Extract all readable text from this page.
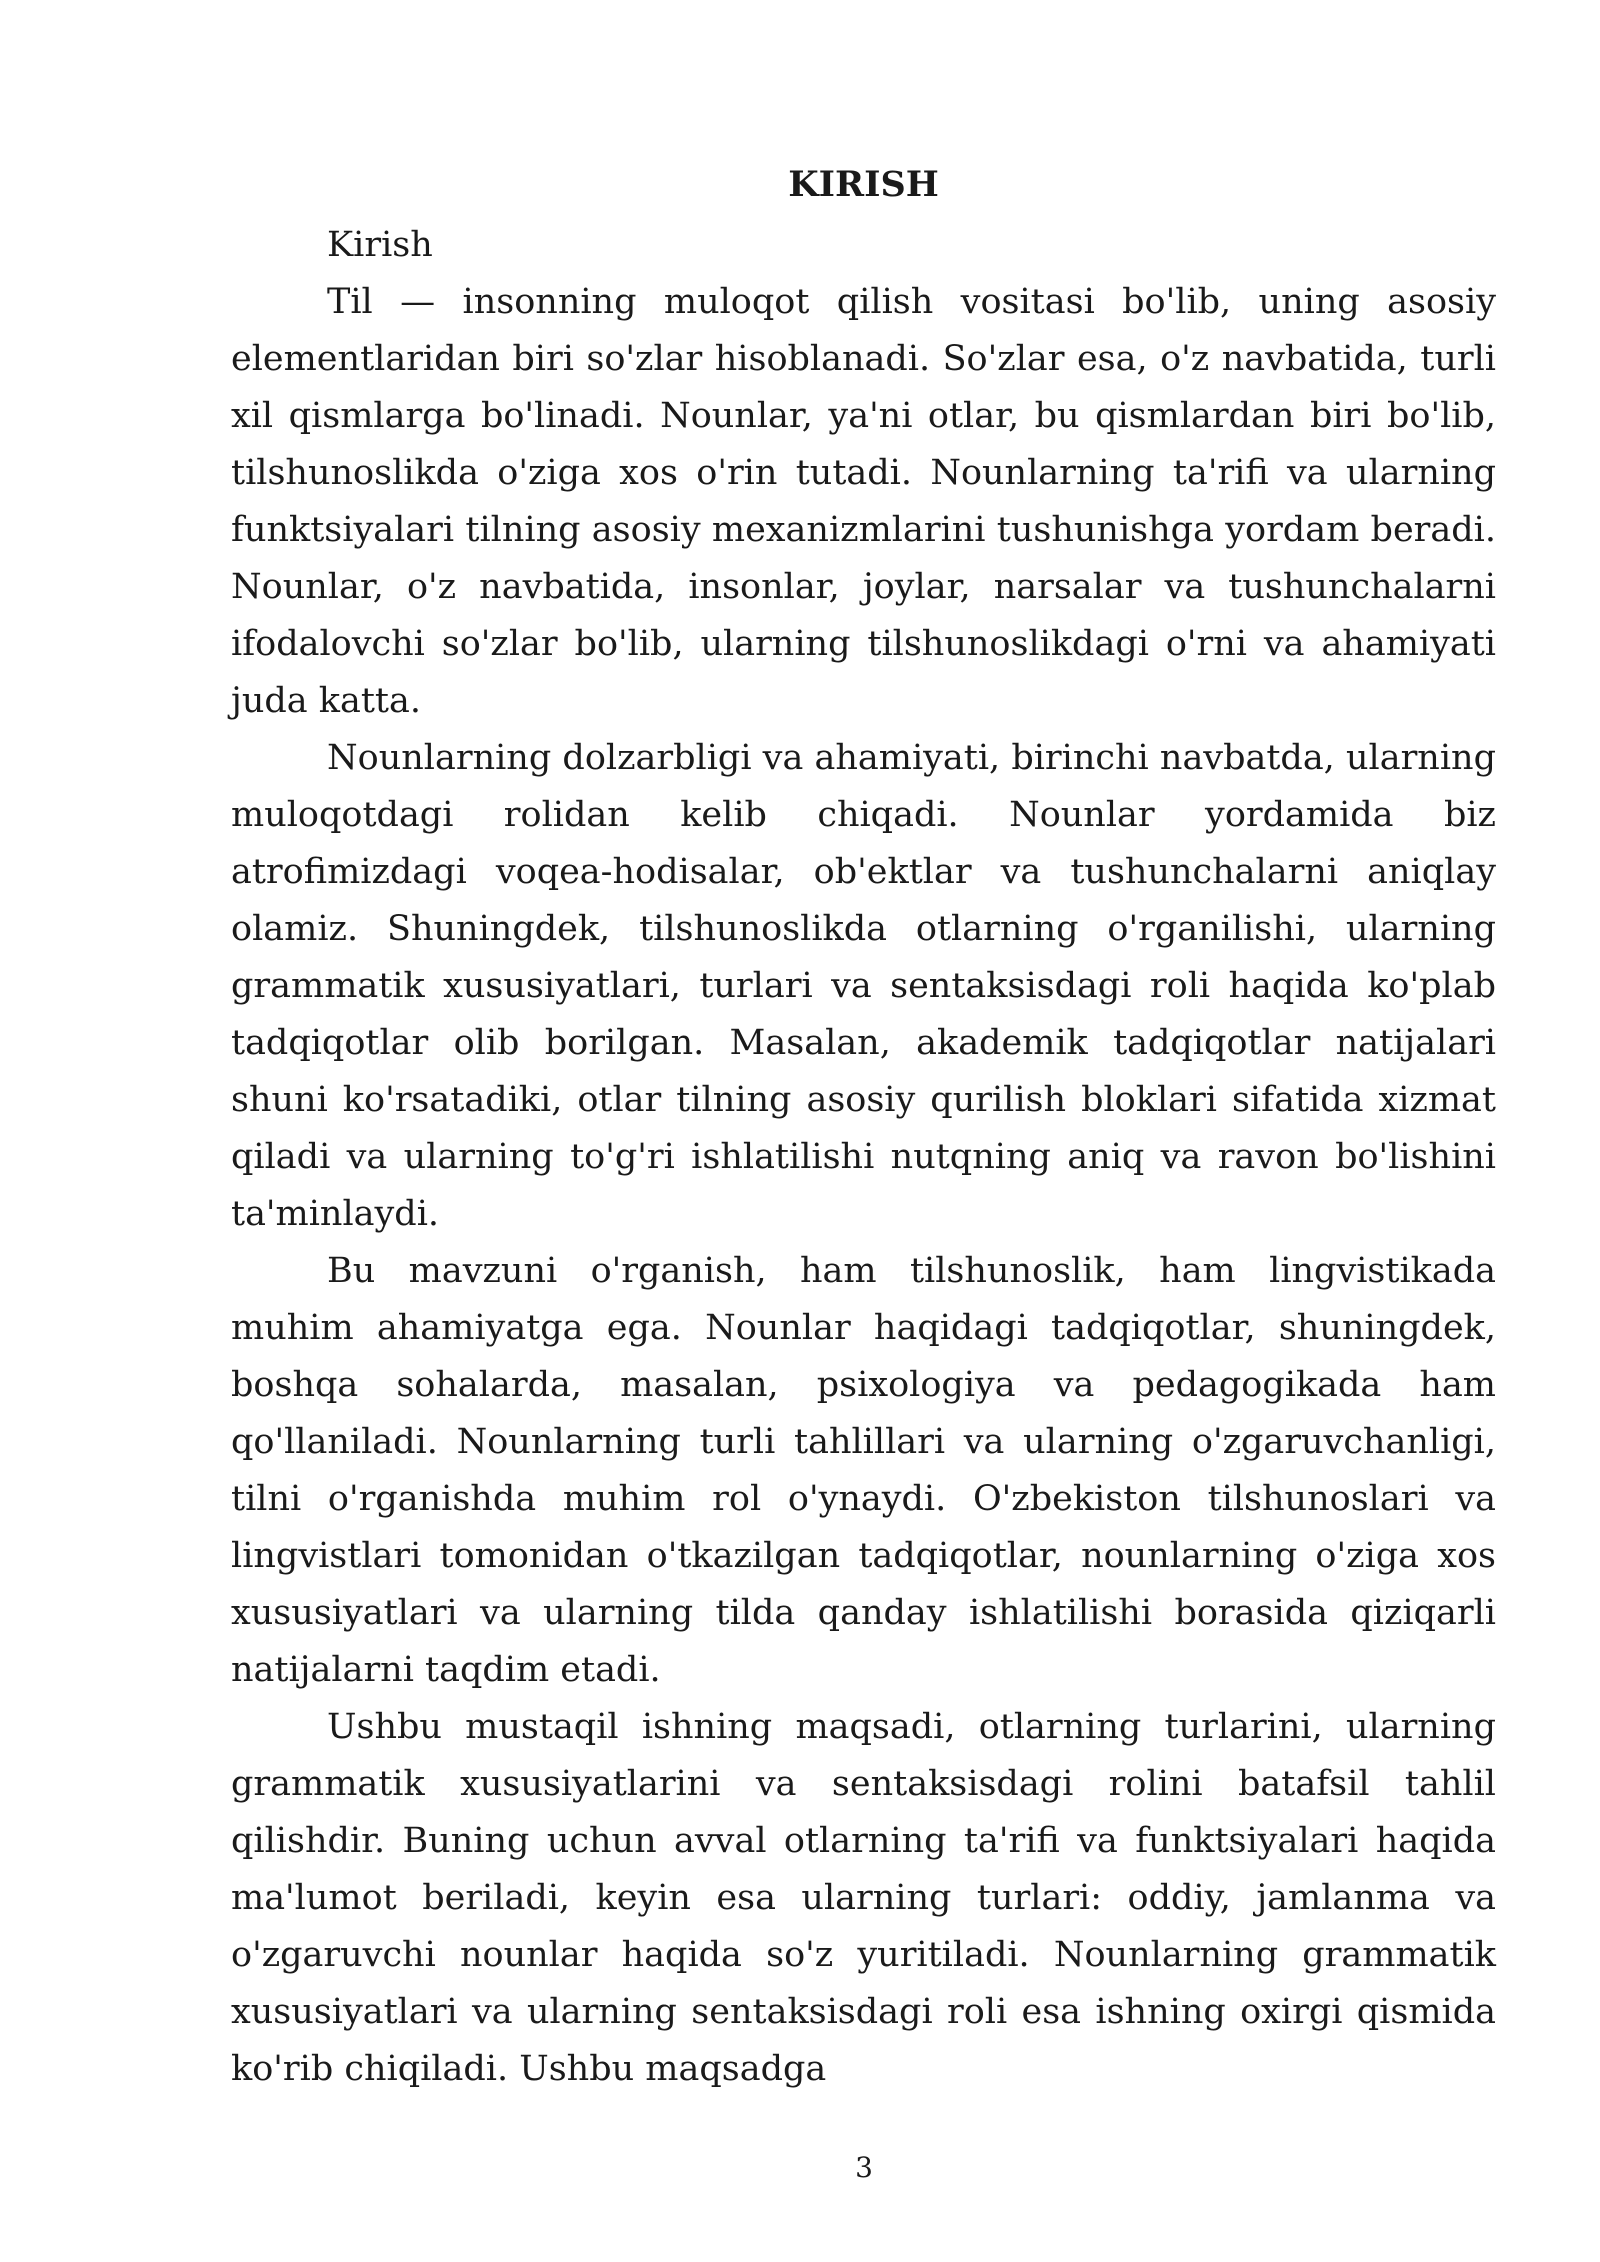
KIRISH

Kirish

Til — insonning muloqot qilish vositasi bo'lib, uning asosiy elementlaridan biri so'zlar hisoblanadi. So'zlar esa, o'z navbatida, turli xil qismlarga bo'linadi. Nounlar, ya'ni otlar, bu qismlardan biri bo'lib, tilshunoslikda o'ziga xos o'rin tutadi. Nounlarning ta'rifi va ularning funktsiyalari tilning asosiy mexanizmlarini tushunishga yordam beradi. Nounlar, o'z navbatida, insonlar, joylar, narsalar va tushunchalarni ifodalovchi so'zlar bo'lib, ularning tilshunoslikdagi o'rni va ahamiyati juda katta.

Nounlarning dolzarbligi va ahamiyati, birinchi navbatda, ularning muloqotdagi rolidan kelib chiqadi. Nounlar yordamida biz atrofimizdagi voqea-hodisalar, ob'ektlar va tushunchalarni aniqlay olamiz. Shuningdek, tilshunoslikda otlarning o'rganilishi, ularning grammatik xususiyatlari, turlari va sentaksisdagi roli haqida ko'plab tadqiqotlar olib borilgan. Masalan, akademik tadqiqotlar natijalari shuni ko'rsatadiki, otlar tilning asosiy qurilish bloklari sifatida xizmat qiladi va ularning to'g'ri ishlatilishi nutqning aniq va ravon bo'lishini ta'minlaydi.

Bu mavzuni o'rganish, ham tilshunoslik, ham lingvistikada muhim ahamiyatga ega. Nounlar haqidagi tadqiqotlar, shuningdek, boshqa sohalarda, masalan, psixologiya va pedagogikada ham qo'llaniladi. Nounlarning turli tahlillari va ularning o'zgaruvchanligi, tilni o'rganishda muhim rol o'ynaydi. O'zbekiston tilshunoslari va lingvistlari tomonidan o'tkazilgan tadqiqotlar, nounlarning o'ziga xos xususiyatlari va ularning tilda qanday ishlatilishi borasida qiziqarli natijalarni taqdim etadi.

Ushbu mustaqil ishning maqsadi, otlarning turlarini, ularning grammatik xususiyatlarini va sentaksisdagi rolini batafsil tahlil qilishdir. Buning uchun avval otlarning ta'rifi va funktsiyalari haqida ma'lumot beriladi, keyin esa ularning turlari: oddiy, jamlanma va o'zgaruvchi nounlar haqida so'z yuritiladi. Nounlarning grammatik xususiyatlari va ularning sentaksisdagi roli esa ishning oxirgi qismida ko'rib chiqiladi. Ushbu maqsadga

3
